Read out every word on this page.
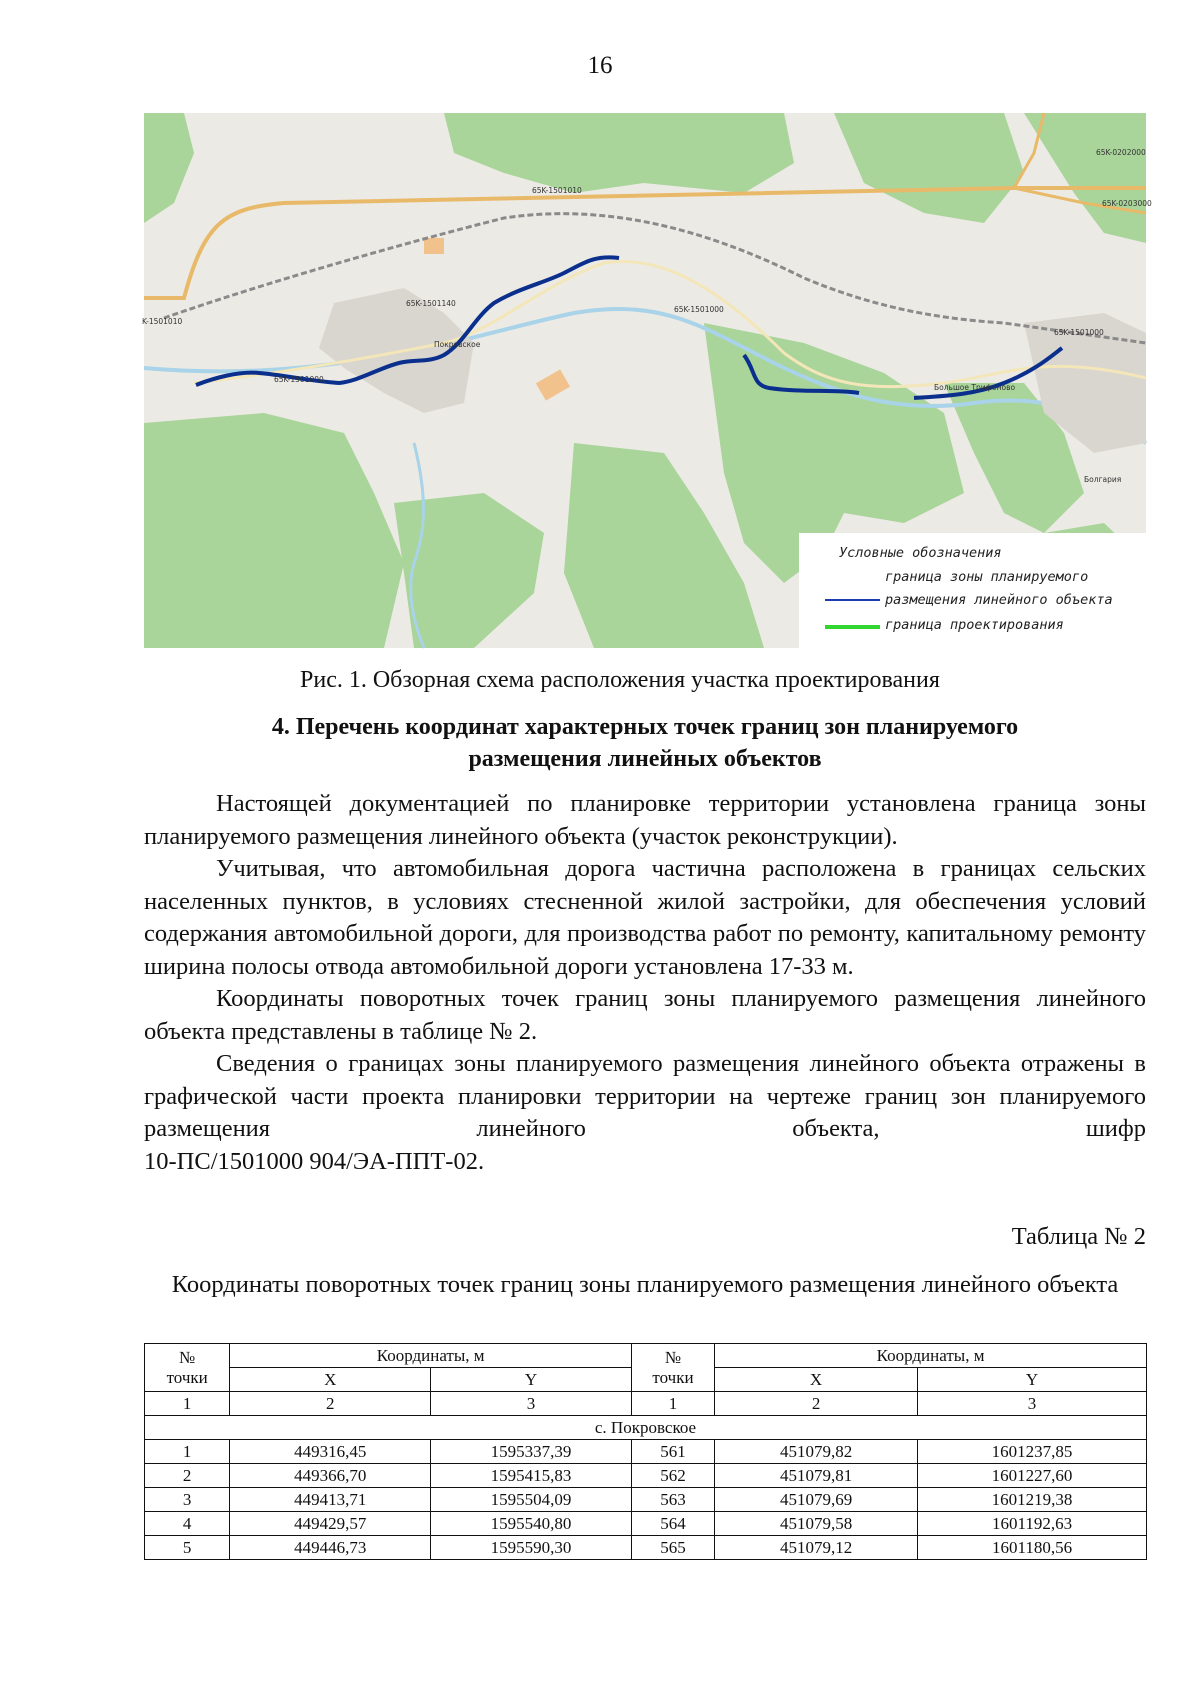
16
65K-1501010
65K-1501140
65K-1501000
65K-1501000
65K-0202000
65K-0203000
K-1501010
65K-1501000
Покровское
Большое Трифоново
Болгария
Условные обозначения
граница зоны планируемого
размещения линейного объекта
граница проектирования
Рис. 1. Обзорная схема расположения участка проектирования
4. Перечень координат характерных точек границ зон планируемого
размещения линейных объектов

Настоящей документацией по планировке территории установлена граница зоны планируемого размещения линейного объекта (участок реконструкции).

Учитывая, что автомобильная дорога частична расположена в границах сельских населенных пунктов, в условиях стесненной жилой застройки, для обеспечения условий содержания автомобильной дороги, для производства работ по ремонту, капитальному ремонту ширина полосы отвода автомобильной дороги установлена 17-33 м.

Координаты поворотных точек границ зоны планируемого размещения линейного объекта представлены в таблице № 2.

Сведения о границах зоны планируемого размещения линейного объекта отражены в графической части проекта планировки территории на чертеже границ зон планируемого размещения линейного объекта, шифр

10-ПС/1501000 904/ЭА-ППТ-02.

Таблица № 2
Координаты поворотных точек границ зоны планируемого размещения линейного объекта
№
точки	Координаты, м		№
точки	Координаты, м	
	X	Y		X	Y
1	2	3	1	2	3
с. Покровское					
1	449316,45	1595337,39	561	451079,82	1601237,85
2	449366,70	1595415,83	562	451079,81	1601227,60
3	449413,71	1595504,09	563	451079,69	1601219,38
4	449429,57	1595540,80	564	451079,58	1601192,63
5	449446,73	1595590,30	565	451079,12	1601180,56
